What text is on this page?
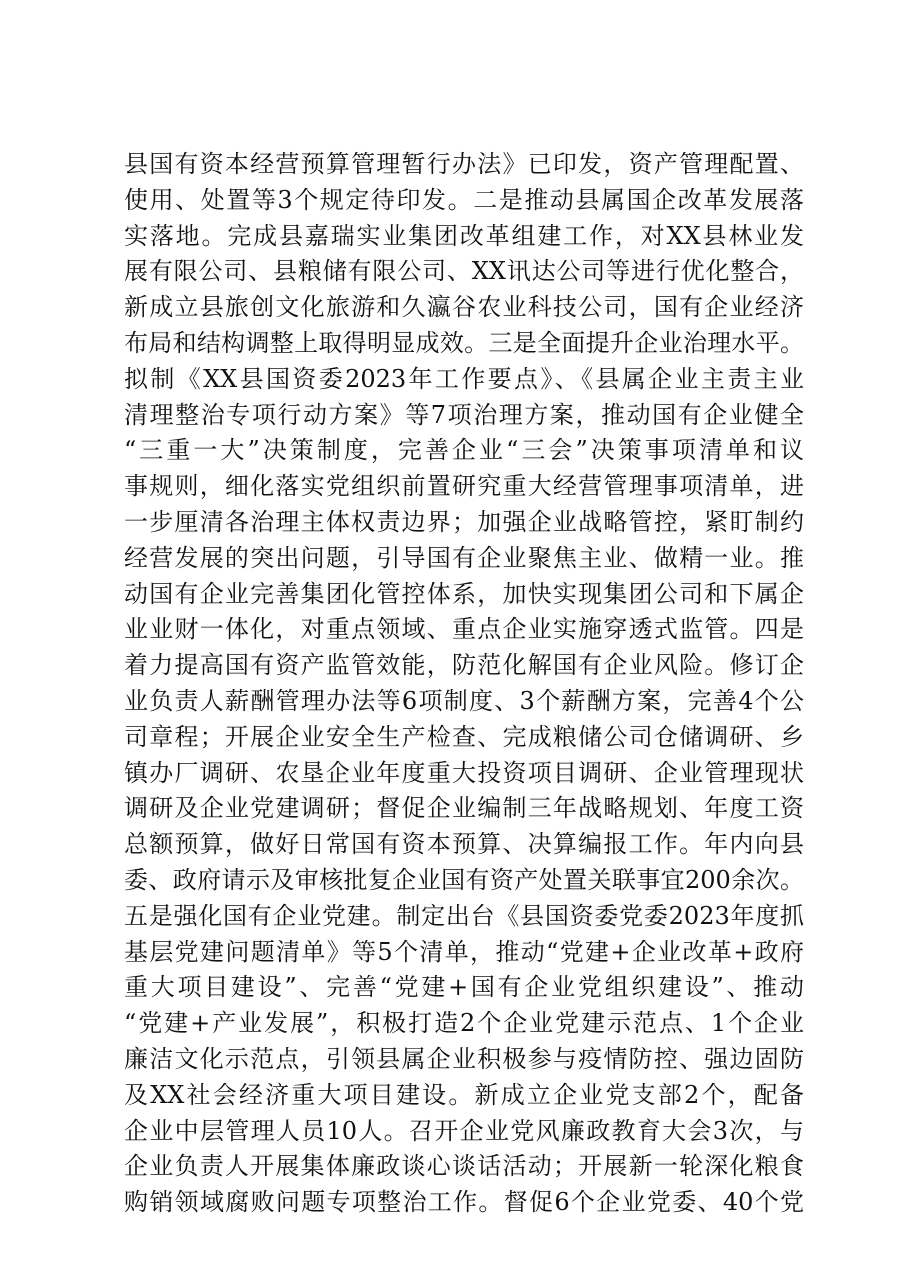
县国有资本经营预算管理暂行办法》已印发，资产管理配置、
使用、处置等3个规定待印发。二是推动县属国企改革发展落
实落地。完成县嘉瑞实业集团改革组建工作，对XX县林业发
展有限公司、县粮储有限公司、XX讯达公司等进行优化整合，
新成立县旅创文化旅游和久瀛谷农业科技公司，国有企业经济
布局和结构调整上取得明显成效。三是全面提升企业治理水平。
拟制《XX县国资委2023年工作要点》、《县属企业主责主业
清理整治专项行动方案》等7项治理方案，推动国有企业健全
“三重一大”决策制度，完善企业“三会”决策事项清单和议
事规则，细化落实党组织前置研究重大经营管理事项清单，进
一步厘清各治理主体权责边界；加强企业战略管控，紧盯制约
经营发展的突出问题，引导国有企业聚焦主业、做精一业。推
动国有企业完善集团化管控体系，加快实现集团公司和下属企
业业财一体化，对重点领域、重点企业实施穿透式监管。四是
着力提高国有资产监管效能，防范化解国有企业风险。修订企
业负责人薪酬管理办法等6项制度、3个薪酬方案，完善4个公
司章程；开展企业安全生产检查、完成粮储公司仓储调研、乡
镇办厂调研、农垦企业年度重大投资项目调研、企业管理现状
调研及企业党建调研；督促企业编制三年战略规划、年度工资
总额预算，做好日常国有资本预算、决算编报工作。年内向县
委、政府请示及审核批复企业国有资产处置关联事宜200余次。
五是强化国有企业党建。制定出台《县国资委党委2023年度抓
基层党建问题清单》等5个清单，推动“党建+企业改革+政府
重大项目建设”、完善“党建+国有企业党组织建设”、推动
“党建+产业发展”，积极打造2个企业党建示范点、1个企业
廉洁文化示范点，引领县属企业积极参与疫情防控、强边固防
及XX社会经济重大项目建设。新成立企业党支部2个，配备
企业中层管理人员10人。召开企业党风廉政教育大会3次，与
企业负责人开展集体廉政谈心谈话活动；开展新一轮深化粮食
购销领域腐败问题专项整治工作。督促6个企业党委、40个党
